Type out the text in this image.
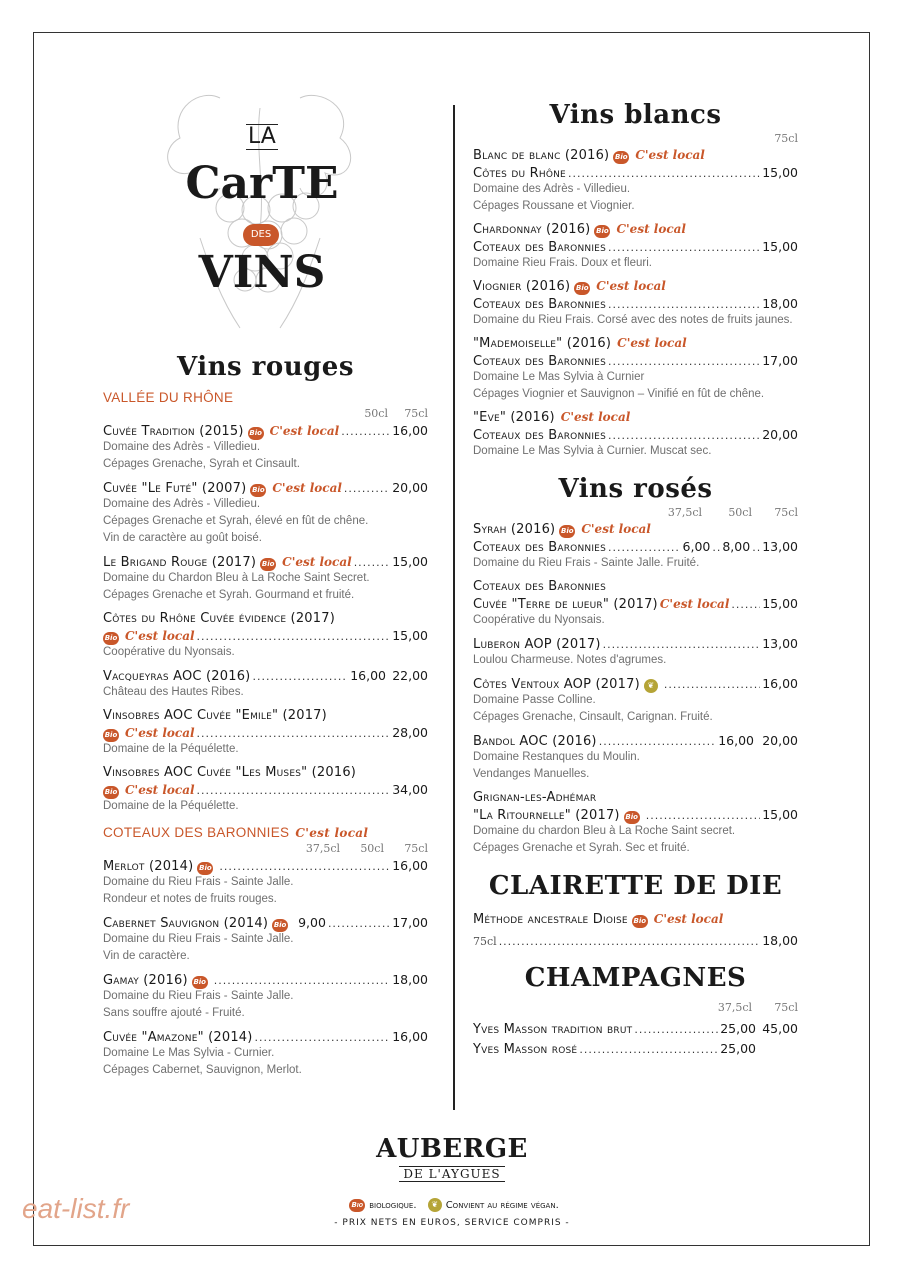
LA
CarTE
DES
VINS
Vins rouges
VALLÉE DU RHÔNE
50cl	75cl
Cuvée Tradition (2015) Bio C'est local .....	16,00
Domaine des Adrès - Villedieu.
Cépages Grenache, Syrah et Cinsault.
Cuvée "Le Futé" (2007) Bio C'est local .....	20,00
Domaine des Adrès - Villedieu.
Cépages Grenache et Syrah, élevé en fût de chêne.
Vin de caractère au goût boisé.
Le Brigand Rouge (2017) Bio C'est local .....	15,00
Domaine du Chardon Bleu à La Roche Saint Secret.
Cépages Grenache et Syrah. Gourmand et fruité.
Côtes du Rhône Cuvée évidence (2017)
Bio C'est local .....	15,00
Coopérative du Nyonsais.
Vacqueyras AOC (2016) .....	16,00 22,00
Château des Hautes Ribes.
Vinsobres AOC Cuvée "Emile" (2017)
Bio C'est local .....	28,00
Domaine de la Péquélette.
Vinsobres AOC Cuvée "Les Muses" (2016)
Bio C'est local .....	34,00
Domaine de la Péquélette.
COTEAUX DES BARONNIES C'est local
37,5cl	50cl	75cl
Merlot (2014) Bio .....	16,00
Domaine du Rieu Frais - Sainte Jalle.
Rondeur et notes de fruits rouges.
Cabernet Sauvignon (2014) Bio 9,00 .....	17,00
Domaine du Rieu Frais - Sainte Jalle.
Vin de caractère.
Gamay (2016) Bio .....	18,00
Domaine du Rieu Frais - Sainte Jalle.
Sans souffre ajouté - Fruité.
Cuvée "Amazone" (2014) .....	16,00
Domaine Le Mas Sylvia - Curnier.
Cépages Cabernet, Sauvignon, Merlot.
Vins blancs
75cl
Blanc de blanc (2016) Bio C'est local
Côtes du Rhône .....	15,00
Domaine des Adrès - Villedieu.
Cépages Roussane et Viognier.
Chardonnay (2016) Bio C'est local
Coteaux des Baronnies .....	15,00
Domaine Rieu Frais. Doux et fleuri.
Viognier (2016) Bio C'est local
Coteaux des Baronnies .....	18,00
Domaine du Rieu Frais. Corsé avec des notes de fruits jaunes.
"Mademoiselle" (2016) C'est local
Coteaux des Baronnies .....	17,00
Domaine Le Mas Sylvia à Curnier
Cépages Viognier et Sauvignon – Vinifié en fût de chêne.
"Eve" (2016) C'est local
Coteaux des Baronnies .....	20,00
Domaine Le Mas Sylvia à Curnier. Muscat sec.
Vins rosés
37,5cl	50cl	75cl
Syrah (2016) Bio C'est local
Coteaux des Baronnies .....	6,00 ..... 8,00 ..... 13,00
Domaine du Rieu Frais - Sainte Jalle. Fruité.
Coteaux des Baronnies
Cuvée "Terre de lueur" (2017) C'est local .....	15,00
Coopérative du Nyonsais.
Luberon AOP (2017) .....	13,00
Loulou Charmeuse. Notes d'agrumes.
Côtes Ventoux AOP (2017) ❦ .....	16,00
Domaine Passe Colline.
Cépages Grenache, Cinsault, Carignan. Fruité.
Bandol AOC (2016) .....	16,00 20,00
Domaine Restanques du Moulin.
Vendanges Manuelles.
Grignan-les-Adhémar
"La Ritournelle" (2017) Bio .....	15,00
Domaine du chardon Bleu à La Roche Saint secret.
Cépages Grenache et Syrah. Sec et fruité.
CLAIRETTE DE DIE
Méthode ancestrale Dioise Bio C'est local
75cl .....	18,00
CHAMPAGNES
37,5cl	75cl
Yves Masson tradition brut .....	25,00 45,00
Yves Masson rosé .....	25,00
AUBERGE
DE L'AYGUES
Bio biologique. ❦ Convient au régime végan.
- PRIX NETS EN EUROS, SERVICE COMPRIS -
eat-list.fr
